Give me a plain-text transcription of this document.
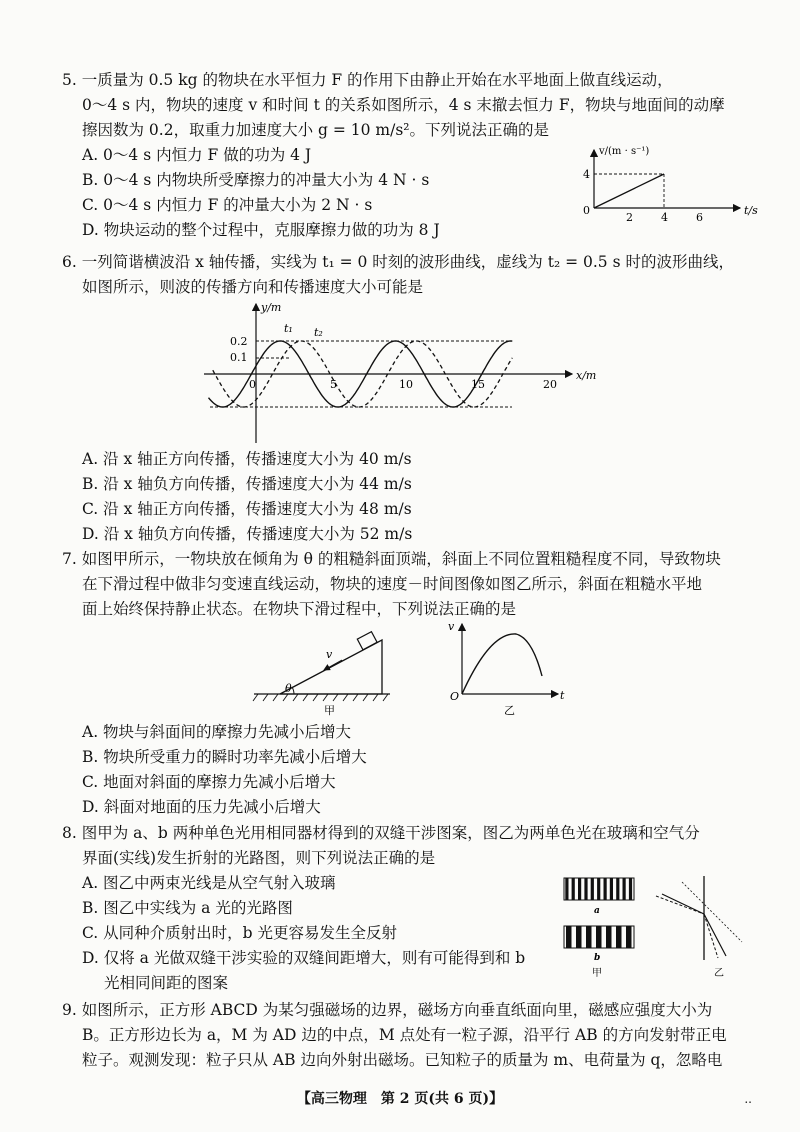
5. 一质量为 0.5 kg 的物块在水平恒力 F 的作用下由静止开始在水平地面上做直线运动，
0～4 s 内，物块的速度 v 和时间 t 的关系如图所示，4 s 末撤去恒力 F，物块与地面间的动摩
擦因数为 0.2，取重力加速度大小 g = 10 m/s²。下列说法正确的是
A. 0～4 s 内恒力 F 做的功为 4 J
B. 0～4 s 内物块所受摩擦力的冲量大小为 4 N · s
C. 0～4 s 内恒力 F 的冲量大小为 2 N · s
D. 物块运动的整个过程中，克服摩擦力做的功为 8 J
v/(m · s⁻¹)
t/s
0
4
2	4	6
6. 一列简谐横波沿 x 轴传播，实线为 t₁ = 0 时刻的波形曲线，虚线为 t₂ = 0.5 s 时的波形曲线，
如图所示，则波的传播方向和传播速度大小可能是
y/m
x/m
t₁ t₂
0.2
0.1
0	5	10	15	20
A. 沿 x 轴正方向传播，传播速度大小为 40 m/s
B. 沿 x 轴负方向传播，传播速度大小为 44 m/s
C. 沿 x 轴正方向传播，传播速度大小为 48 m/s
D. 沿 x 轴负方向传播，传播速度大小为 52 m/s
7. 如图甲所示，一物块放在倾角为 θ 的粗糙斜面顶端，斜面上不同位置粗糙程度不同，导致物块
在下滑过程中做非匀变速直线运动，物块的速度－时间图像如图乙所示，斜面在粗糙水平地
面上始终保持静止状态。在物块下滑过程中，下列说法正确的是
v
θ
甲
v
t
O
乙
A. 物块与斜面间的摩擦力先减小后增大
B. 物块所受重力的瞬时功率先减小后增大
C. 地面对斜面的摩擦力先减小后增大
D. 斜面对地面的压力先减小后增大
8. 图甲为 a、b 两种单色光用相同器材得到的双缝干涉图案，图乙为两单色光在玻璃和空气分
界面(实线)发生折射的光路图，则下列说法正确的是
A. 图乙中两束光线是从空气射入玻璃
B. 图乙中实线为 a 光的光路图
C. 从同种介质射出时，b 光更容易发生全反射
D. 仅将 a 光做双缝干涉实验的双缝间距增大，则有可能得到和 b
光相同间距的图案
a
b
甲	乙
9. 如图所示，正方形 ABCD 为某匀强磁场的边界，磁场方向垂直纸面向里，磁感应强度大小为
B。正方形边长为 a，M 为 AD 边的中点，M 点处有一粒子源，沿平行 AB 的方向发射带正电
粒子。观测发现：粒子只从 AB 边向外射出磁场。已知粒子的质量为 m、电荷量为 q，忽略电
【高三物理　第 2 页(共 6 页)】	..
